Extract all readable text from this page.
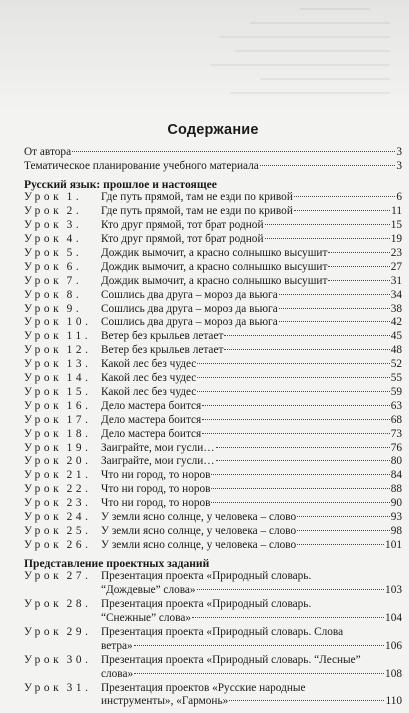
Содержание
От автора	3
Тематическое планирование учебного материала	3
Русский язык: прошлое и настоящее
Урок 1.	Где путь прямой, там не езди по кривой	6
Урок 2.	Где путь прямой, там не езди по кривой	11
Урок 3.	Кто друг прямой, тот брат родной	15
Урок 4.	Кто друг прямой, тот брат родной	19
Урок 5.	Дождик вымочит, а красно солнышко высушит	23
Урок 6.	Дождик вымочит, а красно солнышко высушит	27
Урок 7.	Дождик вымочит, а красно солнышко высушит	31
Урок 8.	Сошлись два друга – мороз да вьюга	34
Урок 9.	Сошлись два друга – мороз да вьюга	38
Урок 10. Сошлись два друга – мороз да вьюга	42
Урок 11. Ветер без крыльев летает	45
Урок 12. Ветер без крыльев летает	48
Урок 13. Какой лес без чудес	52
Урок 14. Какой лес без чудес	55
Урок 15. Какой лес без чудес	59
Урок 16. Дело мастера боится	63
Урок 17. Дело мастера боится	68
Урок 18. Дело мастера боится	73
Урок 19. Заиграйте, мои гусли…	76
Урок 20. Заиграйте, мои гусли…	80
Урок 21. Что ни город, то норов	84
Урок 22. Что ни город, то норов	88
Урок 23. Что ни город, то норов	90
Урок 24. У земли ясно солнце, у человека – слово	93
Урок 25. У земли ясно солнце, у человека – слово	98
Урок 26. У земли ясно солнце, у человека – слово	101
Представление проектных заданий
Урок 27. Презентация проекта «Природный словарь.
“Дождевые” слова»	103
Урок 28. Презентация проекта «Природный словарь.
“Снежные” слова»	104
Урок 29. Презентация проекта «Природный словарь. Слова
ветра»	106
Урок 30. Презентация проекта «Природный словарь. “Лесные”
слова»	108
Урок 31. Презентация проектов «Русские народные
инструменты», «Гармонь»	110
